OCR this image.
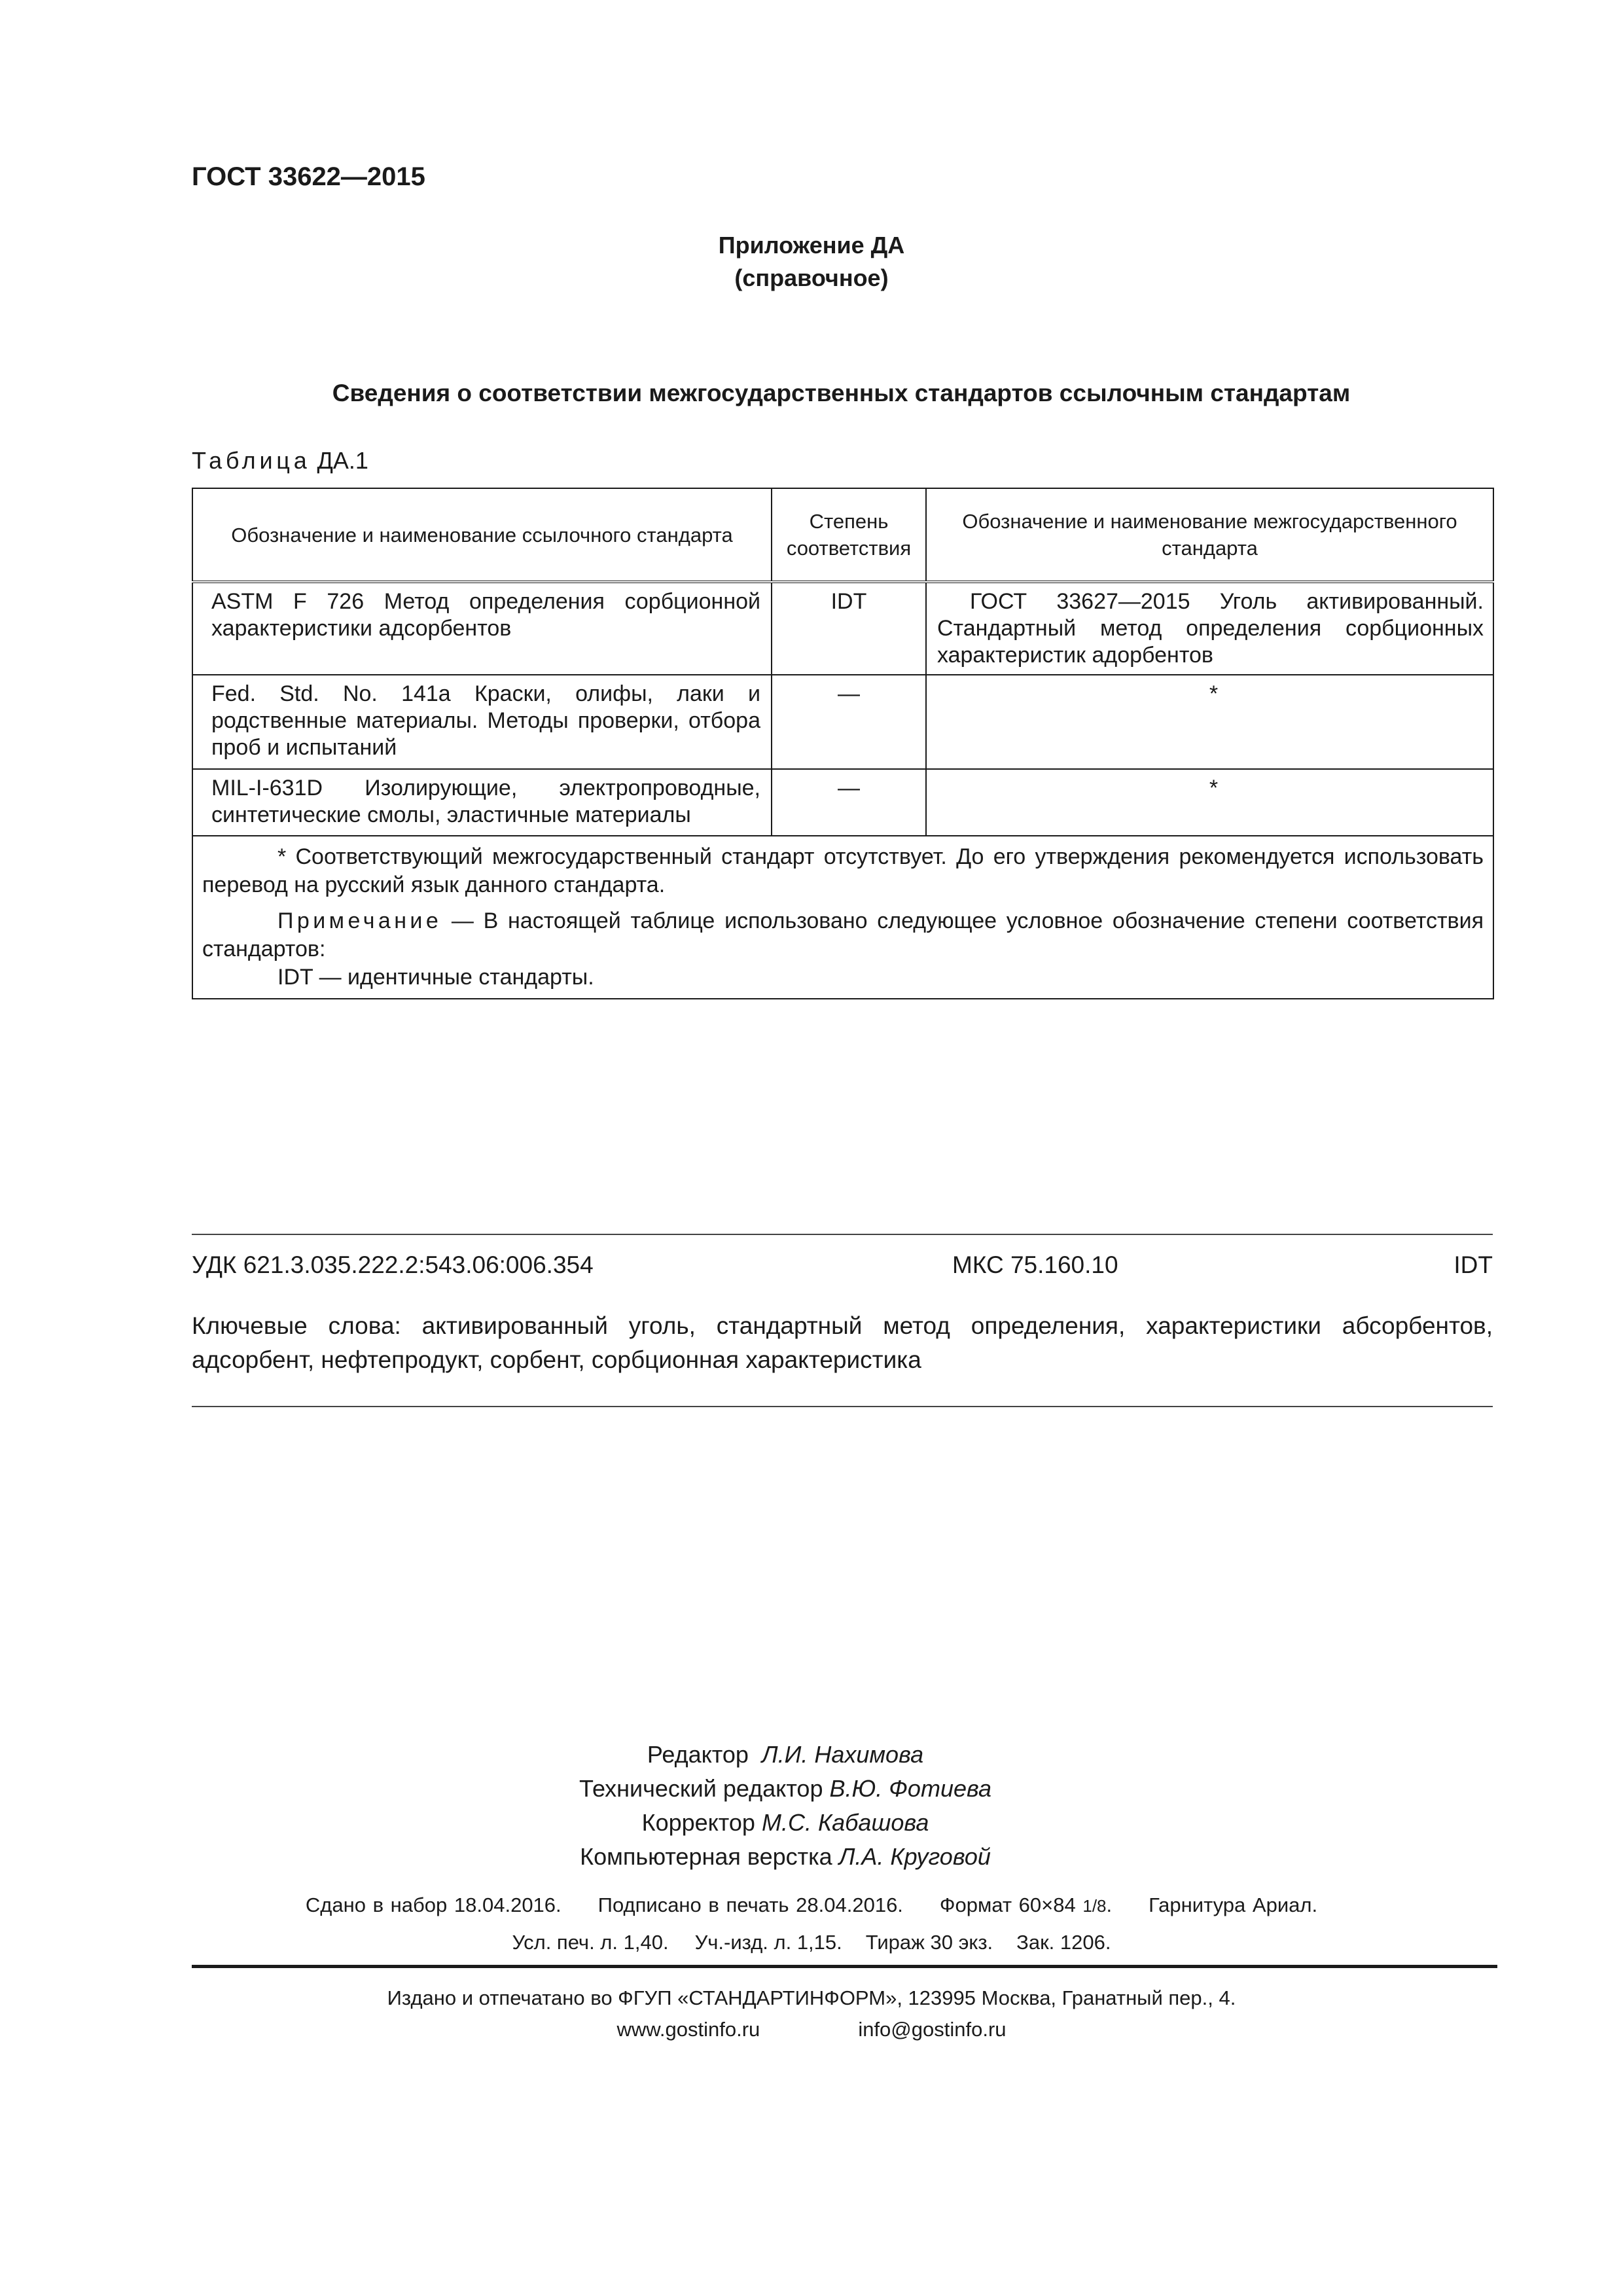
ГОСТ 33622—2015
Приложение ДА
(справочное)
Сведения о соответствии межгосударственных стандартов ссылочным стандартам
Таблица ДА.1
Обозначение и наименование ссылочного стандарта	Степень соответствия	Обозначение и наименование межгосударственного стандарта
ASTM F 726 Метод определения сорбционной характеристики адсорбентов	IDT	ГОСТ 33627—2015 Уголь активированный. Стандартный метод определения сорбционных характеристик адорбентов
Fed. Std. No. 141а Краски, олифы, лаки и родственные материалы. Методы проверки, отбора проб и испытаний	—	*
MIL-I-631D Изолирующие, электропроводные, синтетические смолы, эластичные материалы	—	*

* Соответствующий межгосударственный стандарт отсутствует. До его утверждения рекомендуется использовать перевод на русский язык данного стандарта.
Примечание — В настоящей таблице использовано следующее условное обозначение степени соответствия стандартов:
IDT — идентичные стандарты.		
УДК 621.3.035.222.2:543.06:006.354	МКС 75.160.10	IDT
Ключевые слова: активированный уголь, стандартный метод определения, характеристики абсорбентов, адсорбент, нефтепродукт, сорбент, сорбционная характеристика
Редактор Л.И. Нахимова
Технический редактор В.Ю. Фотиева
Корректор М.С. Кабашова
Компьютерная верстка Л.А. Круговой
Сдано в набор 18.04.2016. Подписано в печать 28.04.2016. Формат 60×84 1/8. Гарнитура Ариал.
Усл. печ. л. 1,40. Уч.-изд. л. 1,15. Тираж 30 экз. Зак. 1206.
Издано и отпечатано во ФГУП «СТАНДАРТИНФОРМ», 123995 Москва, Гранатный пер., 4.
www.gostinfo.ru	info@gostinfo.ru
